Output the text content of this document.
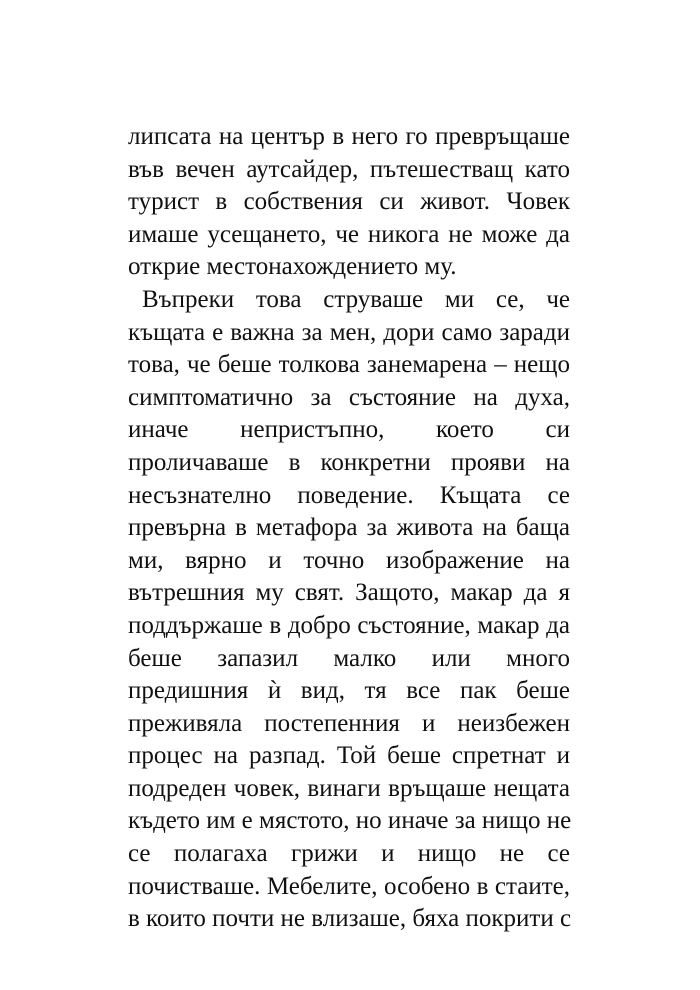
липсата на център в него го превръщаше
във вечен аутсайдер, пътешестващ като
турист в собствения си живот. Човек
имаше усещането, че никога не може да
открие местонахождението му.
Въпреки това струваше ми се, че
къщата е важна за мен, дори само заради
това, че беше толкова занемарена – нещо
симптоматично за състояние на духа,
иначе непристъпно, което си
проличаваше в конкретни прояви на
несъзнателно поведение. Къщата се
превърна в метафора за живота на баща
ми, вярно и точно изображение на
вътрешния му свят. Защото, макар да я
поддържаше в добро състояние, макар да
беше запазил малко или много
предишния ѝ вид, тя все пак беше
преживяла постепенния и неизбежен
процес на разпад. Той беше спретнат и
подреден човек, винаги връщаше нещата
където им е мястото, но иначе за нищо не
се полагаха грижи и нищо не се
почистваше. Мебелите, особено в стаите,
в които почти не влизаше, бяха покрити с
